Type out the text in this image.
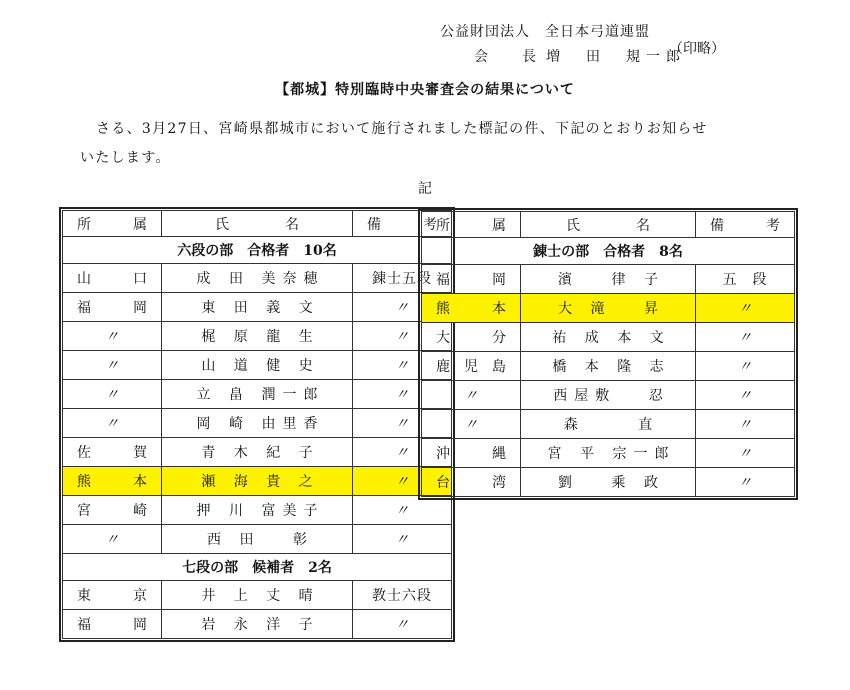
公益財団法人　全日本弓道連盟
会　長 増　田　規一郎
（印略）
【都城】特別臨時中央審査会の結果について
さる、3月27日、宮崎県都城市において施行されました標記の件、下記のとおりお知らせ
いたします。
記
所　属	氏　　　　名	備　考
六段の部　合格者　10名		
山　口	成 田 美奈穂	錬士五段
福　岡	東 田 義 文	〃
〃	梶 原 龍 生	〃
〃	山 道 健 史	〃
〃	立 畠 潤一郎	〃
〃	岡 崎 由里香	〃
佐　賀	青 木 紀 子	〃
熊　本	瀬 海 貴 之	〃
宮　崎	押 川 富美子	〃
〃	西 田　 彰	〃
七段の部　候補者　2名		
東　京	井 上 丈 晴	教士六段
福　岡	岩 永 洋 子	〃
所　属	氏　　　　名	備　考
錬士の部　合格者　8名		
福　岡	濱　 律 子	五　段
熊　本	大 滝　 昇	〃
大　分	祐 成 本 文	〃
鹿児島	橋 本 隆 志	〃
〃	西屋敷　 忍	〃
〃	森　　 直	〃
沖　縄	宮 平 宗一郎	〃
台　湾	劉　 乘 政	〃
